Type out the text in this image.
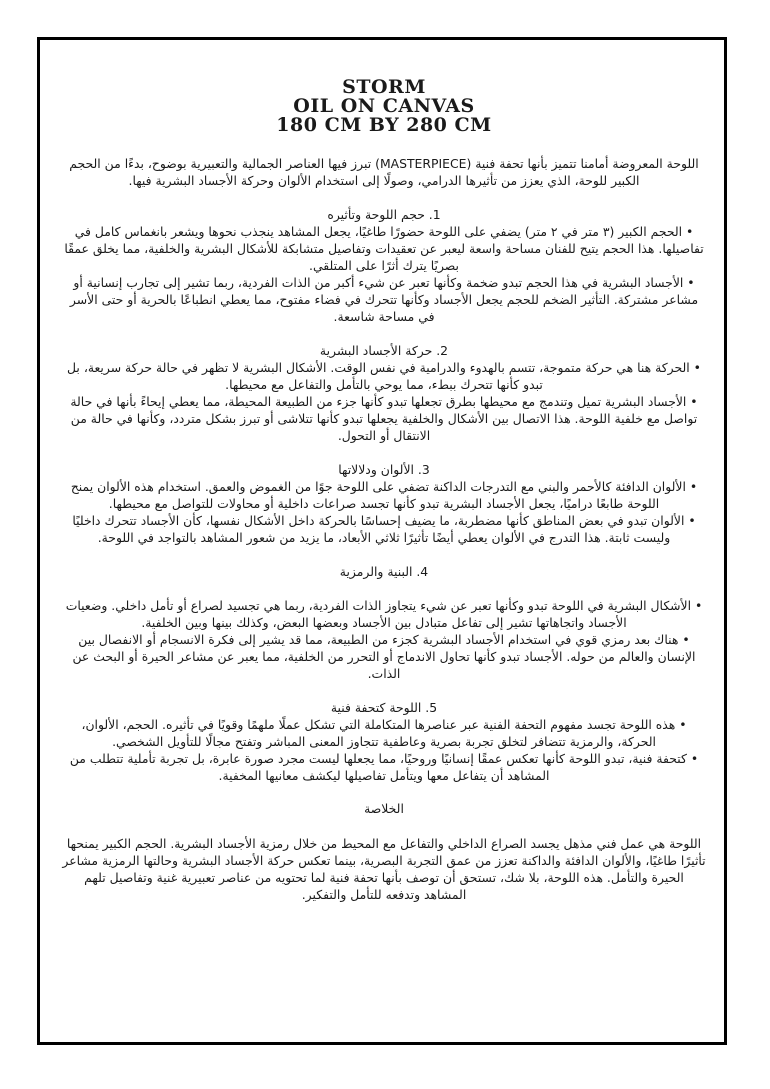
STORM

OIL ON CANVAS

180 CM BY 280 CM

اللوحة المعروضة أمامنا تتميز بأنها تحفة فنية (MASTERPIECE) تبرز فيها العناصر الجمالية والتعبيرية بوضوح، بدءًا من الحجم الكبير للوحة، الذي يعزز من تأثيرها الدرامي، وصولًا إلى استخدام الألوان وحركة الأجساد البشرية فيها.

1. حجم اللوحة وتأثيره

• الحجم الكبير (٣ متر في ٢ متر) يضفي على اللوحة حضورًا طاغيًا، يجعل المشاهد ينجذب نحوها ويشعر بانغماس كامل في تفاصيلها. هذا الحجم يتيح للفنان مساحة واسعة ليعبر عن تعقيدات وتفاصيل متشابكة للأشكال البشرية والخلفية، مما يخلق عمقًا بصريًا يترك أثرًا على المتلقي.

• الأجساد البشرية في هذا الحجم تبدو ضخمة وكأنها تعبر عن شيء أكبر من الذات الفردية، ربما تشير إلى تجارب إنسانية أو مشاعر مشتركة. التأثير الضخم للحجم يجعل الأجساد وكأنها تتحرك في فضاء مفتوح، مما يعطي انطباعًا بالحرية أو حتى الأسر في مساحة شاسعة.

2. حركة الأجساد البشرية

• الحركة هنا هي حركة متموجة، تتسم بالهدوء والدرامية في نفس الوقت. الأشكال البشرية لا تظهر في حالة حركة سريعة، بل تبدو كأنها تتحرك ببطء، مما يوحي بالتأمل والتفاعل مع محيطها.

• الأجساد البشرية تميل وتندمج مع محيطها بطرق تجعلها تبدو كأنها جزء من الطبيعة المحيطة، مما يعطي إيحاءً بأنها في حالة تواصل مع خلفية اللوحة. هذا الاتصال بين الأشكال والخلفية يجعلها تبدو كأنها تتلاشى أو تبرز بشكل متردد، وكأنها في حالة من الانتقال أو التحول.

3. الألوان ودلالاتها

• الألوان الدافئة كالأحمر والبني مع التدرجات الداكنة تضفي على اللوحة جوًا من الغموض والعمق. استخدام هذه الألوان يمنح اللوحة طابعًا دراميًا، يجعل الأجساد البشرية تبدو كأنها تجسد صراعات داخلية أو محاولات للتواصل مع محيطها.

• الألوان تبدو في بعض المناطق كأنها مضطربة، ما يضيف إحساسًا بالحركة داخل الأشكال نفسها، كأن الأجساد تتحرك داخليًا وليست ثابتة. هذا التدرج في الألوان يعطي أيضًا تأثيرًا ثلاثي الأبعاد، ما يزيد من شعور المشاهد بالتواجد في اللوحة.

4. البنية والرمزية

• الأشكال البشرية في اللوحة تبدو وكأنها تعبر عن شيء يتجاوز الذات الفردية، ربما هي تجسيد لصراع أو تأمل داخلي. وضعيات الأجساد واتجاهاتها تشير إلى تفاعل متبادل بين الأجساد وبعضها البعض، وكذلك بينها وبين الخلفية.

• هناك بعد رمزي قوي في استخدام الأجساد البشرية كجزء من الطبيعة، مما قد يشير إلى فكرة الانسجام أو الانفصال بين الإنسان والعالم من حوله. الأجساد تبدو كأنها تحاول الاندماج أو التحرر من الخلفية، مما يعبر عن مشاعر الحيرة أو البحث عن الذات.

5. اللوحة كتحفة فنية

• هذه اللوحة تجسد مفهوم التحفة الفنية عبر عناصرها المتكاملة التي تشكل عملًا ملهمًا وقويًا في تأثيره. الحجم، الألوان، الحركة، والرمزية تتضافر لتخلق تجربة بصرية وعاطفية تتجاوز المعنى المباشر وتفتح مجالًا للتأويل الشخصي.

• كتحفة فنية، تبدو اللوحة كأنها تعكس عمقًا إنسانيًا وروحيًا، مما يجعلها ليست مجرد صورة عابرة، بل تجربة تأملية تتطلب من المشاهد أن يتفاعل معها ويتأمل تفاصيلها ليكشف معانيها المخفية.

الخلاصة

اللوحة هي عمل فني مذهل يجسد الصراع الداخلي والتفاعل مع المحيط من خلال رمزية الأجساد البشرية. الحجم الكبير يمنحها تأثيرًا طاغيًا، والألوان الدافئة والداكنة تعزز من عمق التجربة البصرية، بينما تعكس حركة الأجساد البشرية وحالتها الرمزية مشاعر الحيرة والتأمل. هذه اللوحة، بلا شك، تستحق أن توصف بأنها تحفة فنية لما تحتويه من عناصر تعبيرية غنية وتفاصيل تلهم المشاهد وتدفعه للتأمل والتفكير.
